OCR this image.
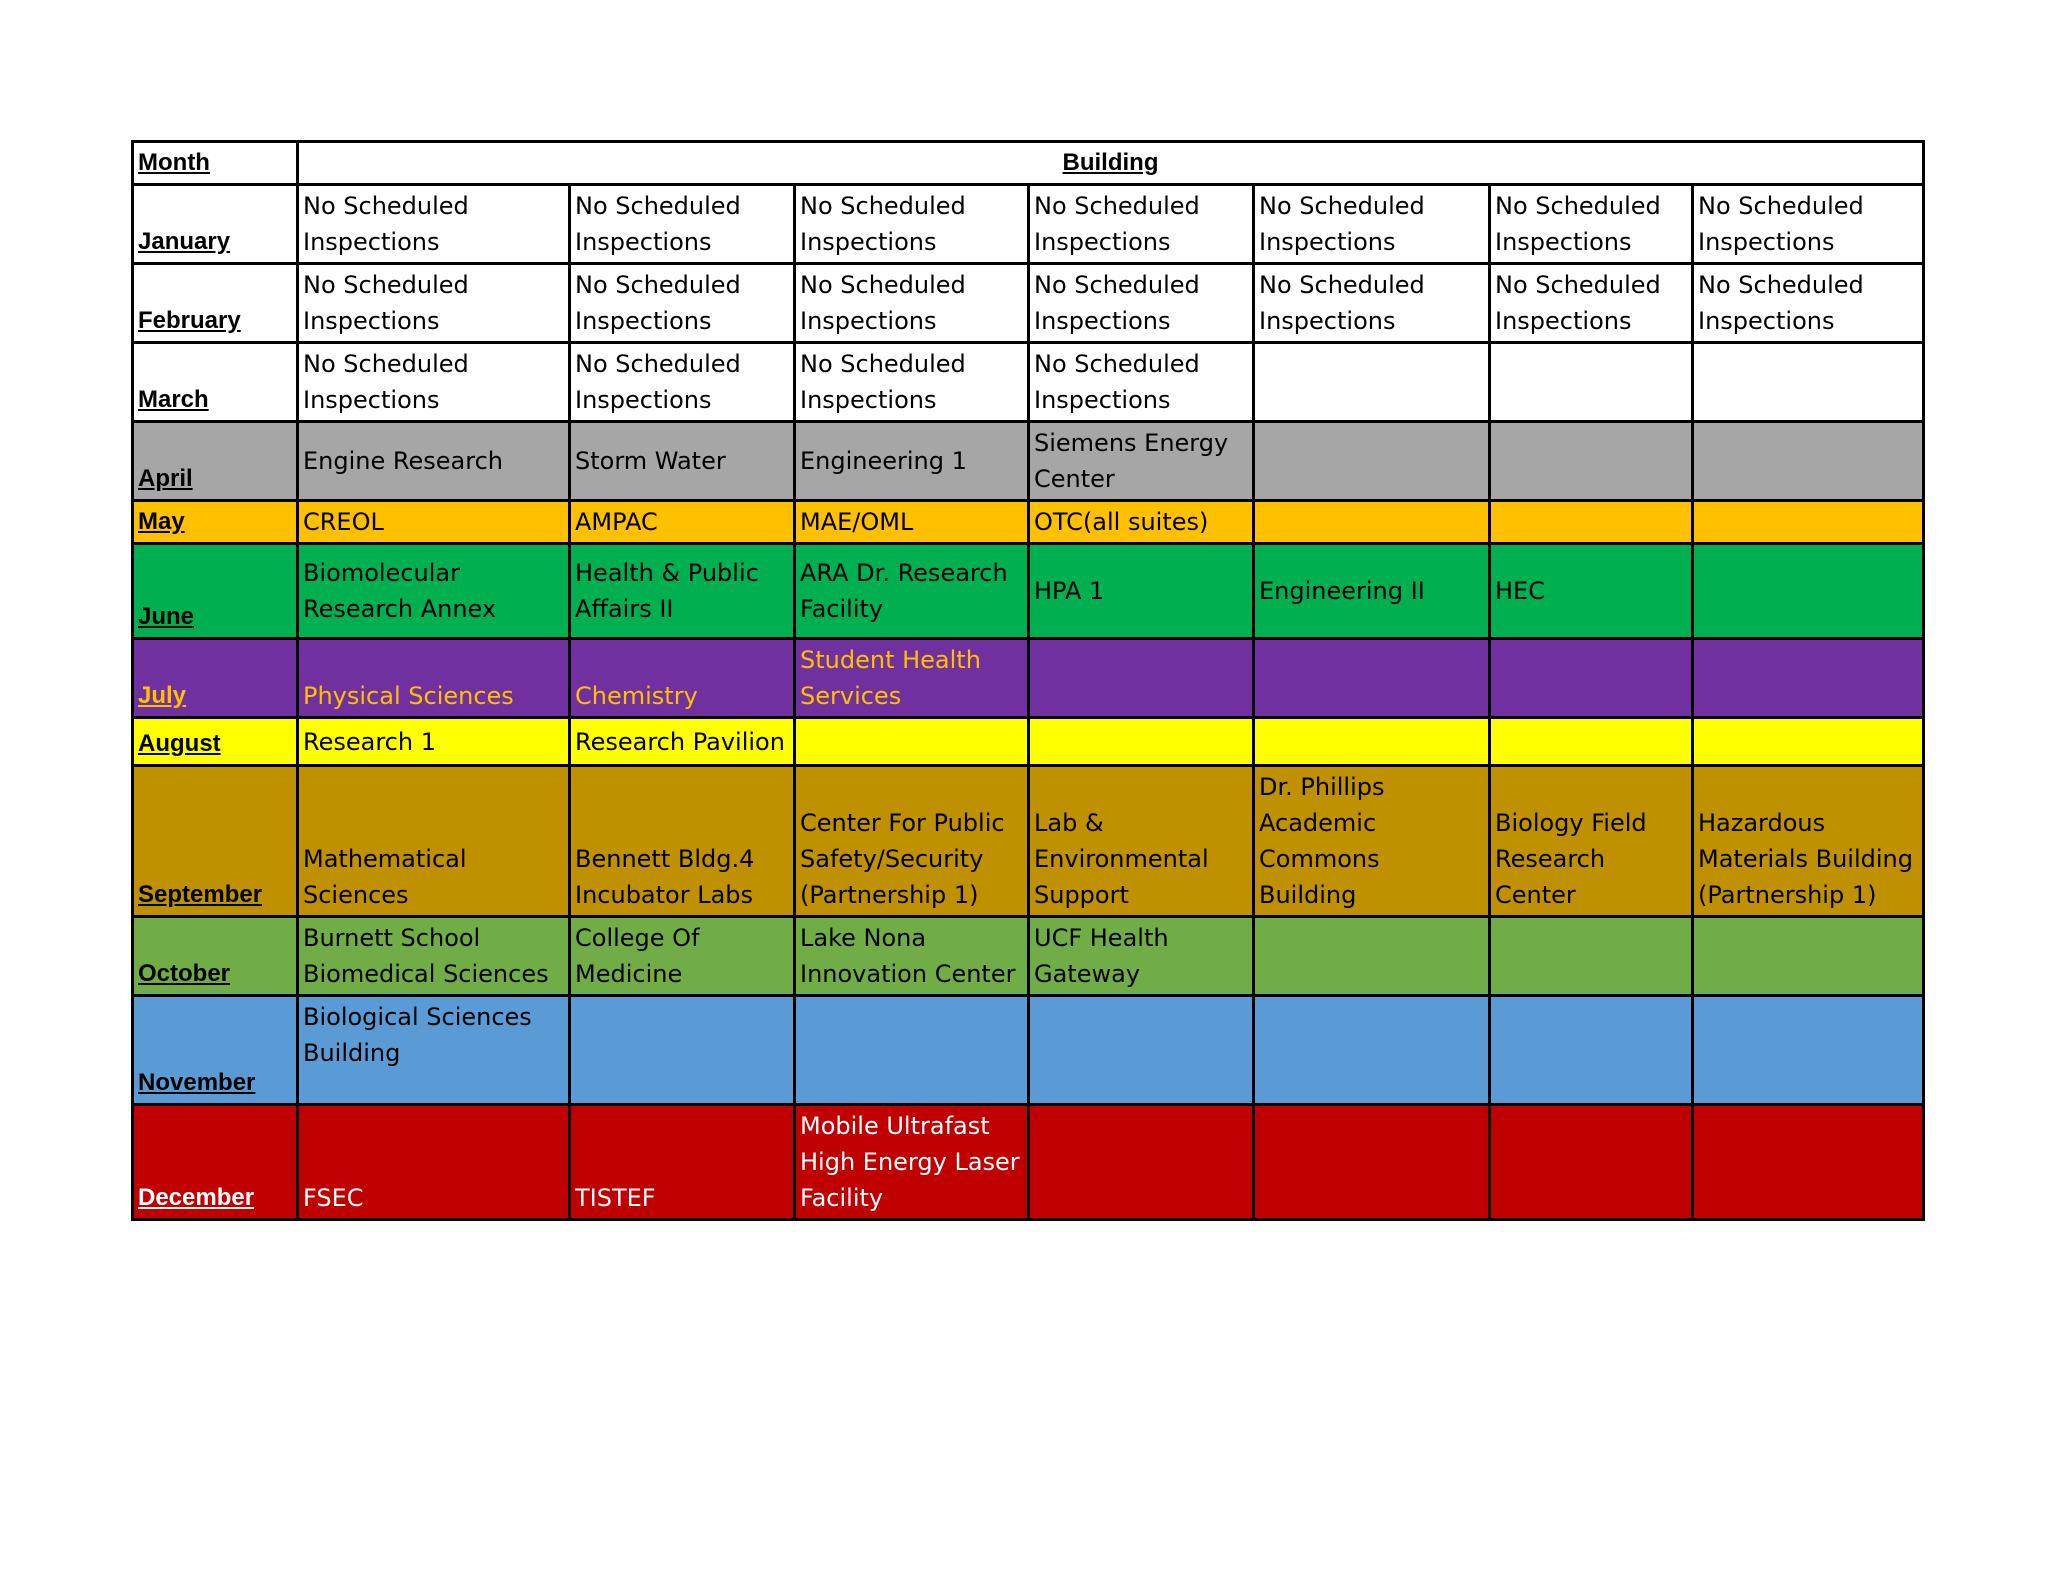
Month	Building						
January	No Scheduled Inspections	No Scheduled Inspections	No Scheduled Inspections	No Scheduled Inspections	No Scheduled Inspections	No Scheduled Inspections	No Scheduled Inspections

February	No Scheduled Inspections	No Scheduled Inspections	No Scheduled Inspections	No Scheduled Inspections	No Scheduled Inspections	No Scheduled Inspections	No Scheduled Inspections

March	No Scheduled Inspections	No Scheduled Inspections	No Scheduled Inspections	No Scheduled Inspections			

April	Engine Research	Storm Water	Engineering 1	Siemens Energy Center			

May	CREOL	AMPAC	MAE/OML	OTC(all suites)			

June	Biomolecular Research Annex	Health & Public Affairs II	ARA Dr. Research Facility	HPA 1	Engineering II	HEC	

July	Physical Sciences	Chemistry	Student Health Services				

August	Research 1	Research Pavilion					

September	Mathematical Sciences	Bennett Bldg.4 Incubator Labs	Center For Public Safety/Security (Partnership 1)	Lab & Environmental Support	Dr. Phillips Academic Commons Building	Biology Field Research Center	Hazardous Materials Building (Partnership 1)

October	Burnett School Biomedical Sciences	College Of Medicine	Lake Nona Innovation Center	UCF Health Gateway			

November	Biological Sciences Building						

December	FSEC	TISTEF	Mobile Ultrafast High Energy Laser Facility				
